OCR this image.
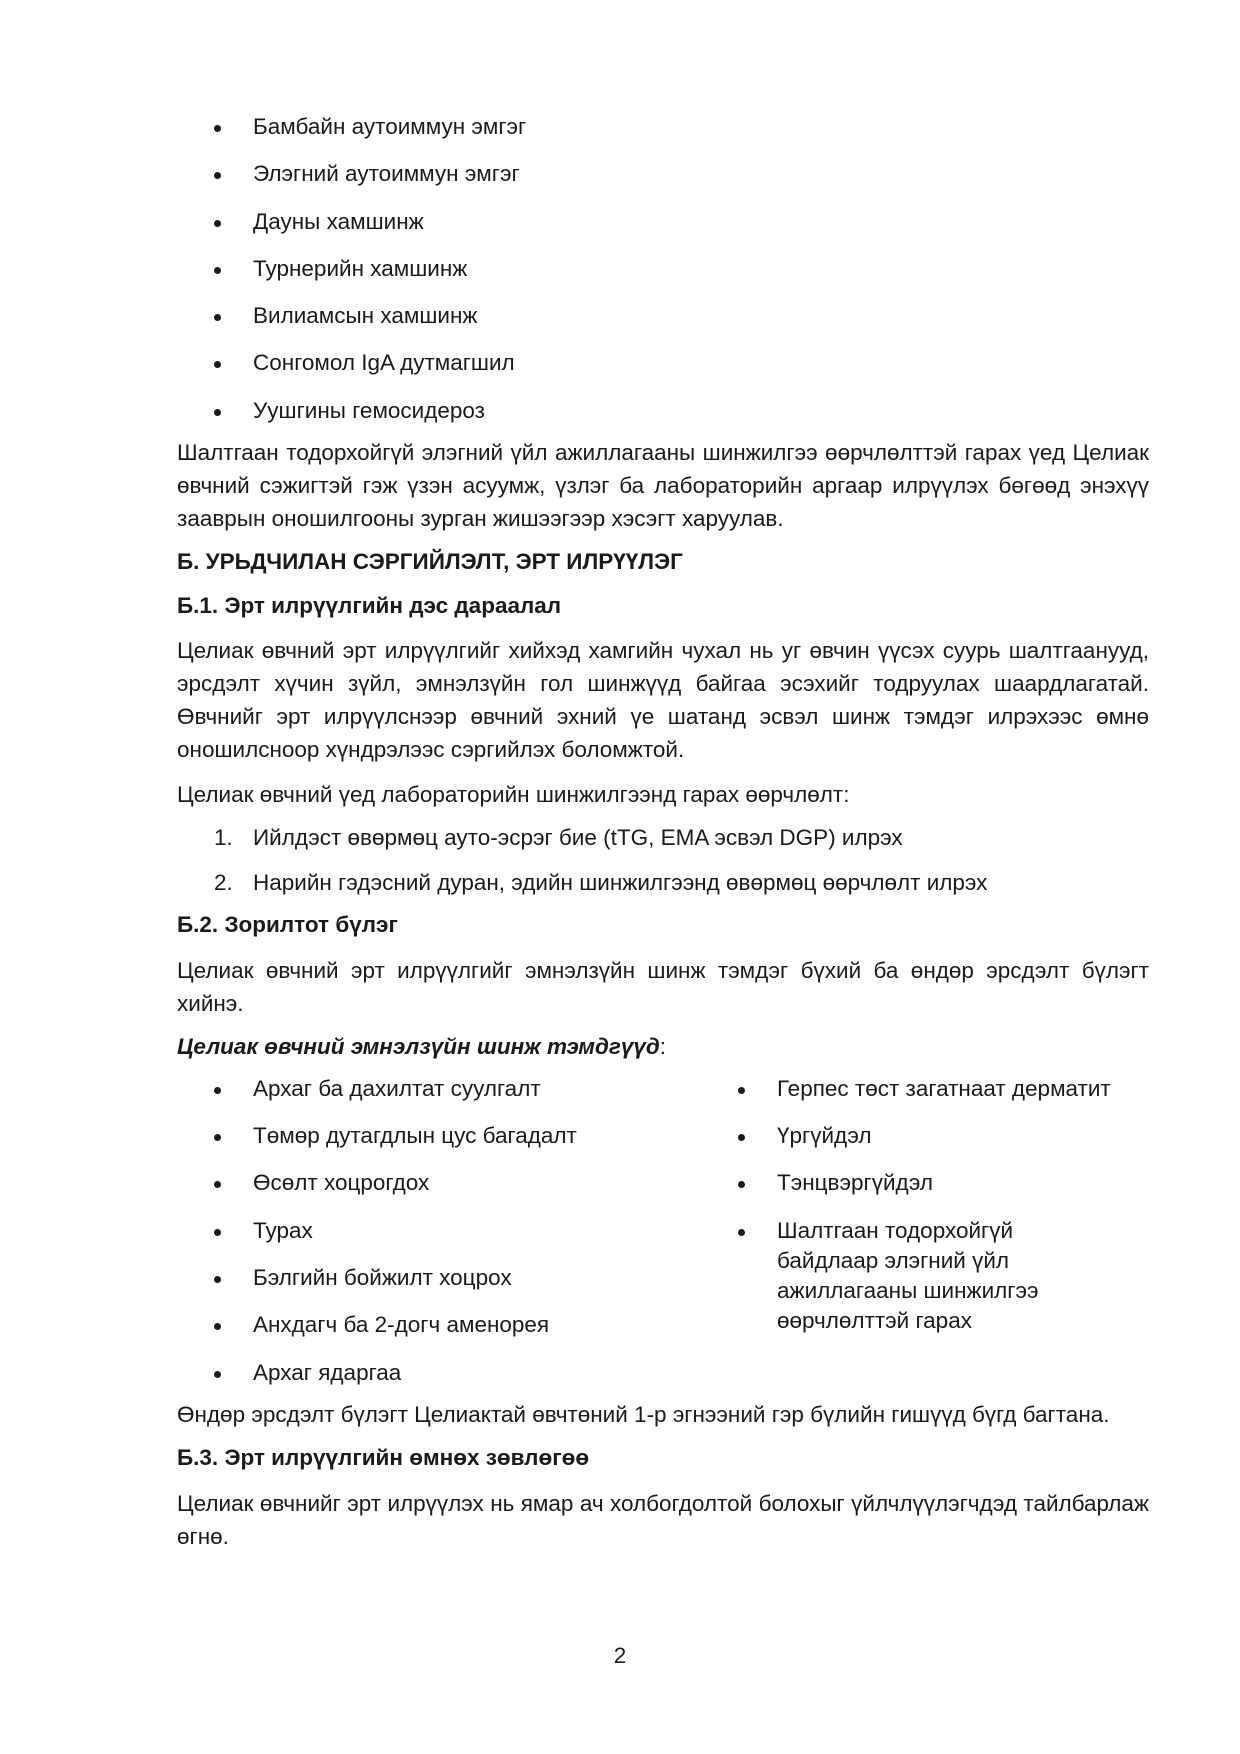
Бамбайн аутоиммун эмгэг
Элэгний аутоиммун эмгэг
Дауны хамшинж
Турнерийн хамшинж
Вилиамсын хамшинж
Сонгомол IgA дутмагшил
Уушгины гемосидероз

Шалтгаан тодорхойгүй элэгний үйл ажиллагааны шинжилгээ өөрчлөлттэй гарах үед Целиак өвчний сэжигтэй гэж үзэн асуумж, үзлэг ба лабораторийн аргаар илрүүлэх бөгөөд энэхүү зааврын оношилгооны зурган жишээгээр хэсэгт харуулав.

Б. УРЬДЧИЛАН СЭРГИЙЛЭЛТ, ЭРТ ИЛРҮҮЛЭГ
Б.1. Эрт илрүүлгийн дэс дараалал

Целиак өвчний эрт илрүүлгийг хийхэд хамгийн чухал нь уг өвчин үүсэх суурь шалтгаанууд, эрсдэлт хүчин зүйл, эмнэлзүйн гол шинжүүд байгаа эсэхийг тодруулах шаардлагатай. Өвчнийг эрт илрүүлснээр өвчний эхний үе шатанд эсвэл шинж тэмдэг илрэхээс өмнө оношилсноор хүндрэлээс сэргийлэх боломжтой.

Целиак өвчний үед лабораторийн шинжилгээнд гарах өөрчлөлт:

1. Ийлдэст өвөрмөц ауто-эсрэг бие (tTG, EMA эсвэл DGP) илрэх
2. Нарийн гэдэсний дуран, эдийн шинжилгээнд өвөрмөц өөрчлөлт илрэх
Б.2. Зорилтот бүлэг

Целиак өвчний эрт илрүүлгийг эмнэлзүйн шинж тэмдэг бүхий ба өндөр эрсдэлт бүлэгт хийнэ.

Целиак өвчний эмнэлзүйн шинж тэмдгүүд:

Архаг ба дахилтат суулгалт
Төмөр дутагдлын цус багадалт
Өсөлт хоцрогдох
Турах
Бэлгийн бойжилт хоцрох
Анхдагч ба 2-догч аменорея
Архаг ядаргаа
Герпес төст загатнаат дерматит
Үргүйдэл
Тэнцвэргүйдэл
Шалтгаан тодорхойгүй байдлаар элэгний үйл ажиллагааны шинжилгээ өөрчлөлттэй гарах

Өндөр эрсдэлт бүлэгт Целиактай өвчтөний 1-р эгнээний гэр бүлийн гишүүд бүгд багтана.

Б.3. Эрт илрүүлгийн өмнөх зөвлөгөө

Целиак өвчнийг эрт илрүүлэх нь ямар ач холбогдолтой болохыг үйлчлүүлэгчдэд тайлбарлаж өгнө.

2
